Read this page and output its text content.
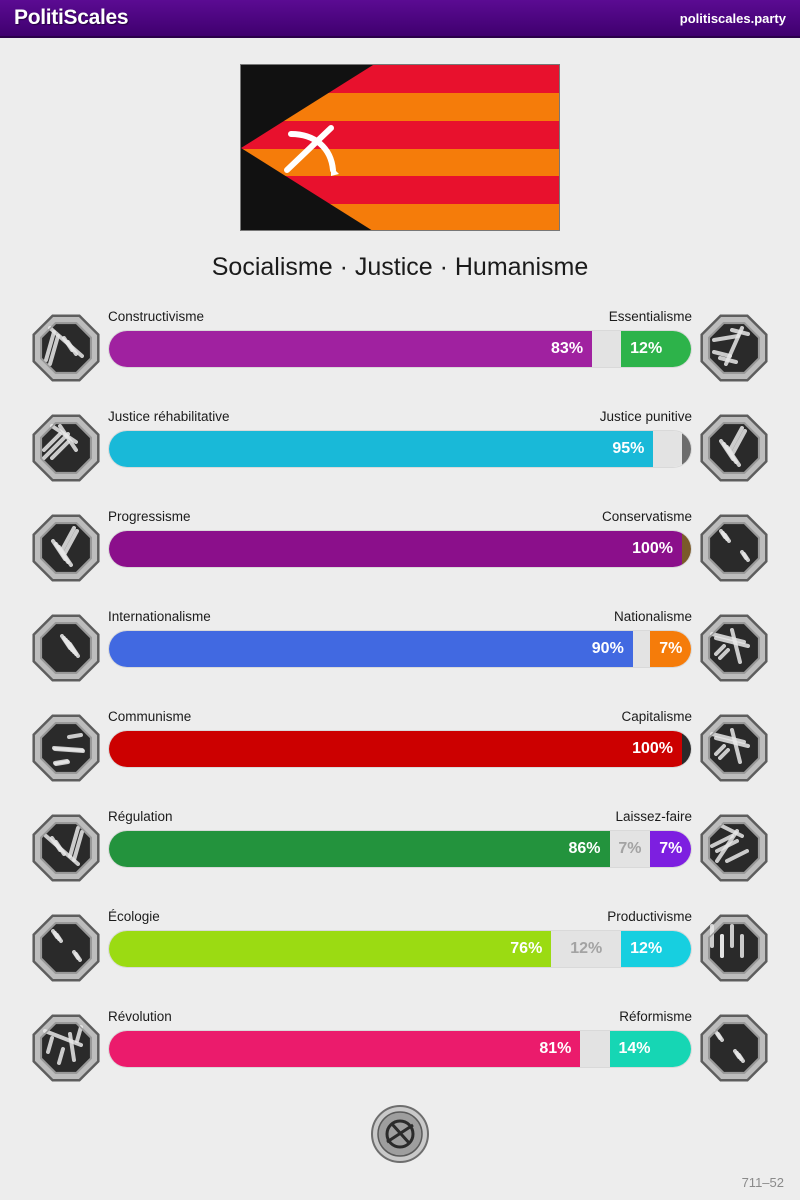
PolitiScales	politiscales.party
Socialisme · Justice · Humanisme
Constructivisme	Essentialisme
83%	12%
Justice réhabilitative	Justice punitive
95%
Progressisme	Conservatisme
100%
Internationalisme	Nationalisme
90%	7%
Communisme	Capitalisme
100%
Régulation	Laissez-faire
86%	7%	7%
Écologie	Productivisme
76%	12%	12%
Révolution	Réformisme
81%	14%
711–52
